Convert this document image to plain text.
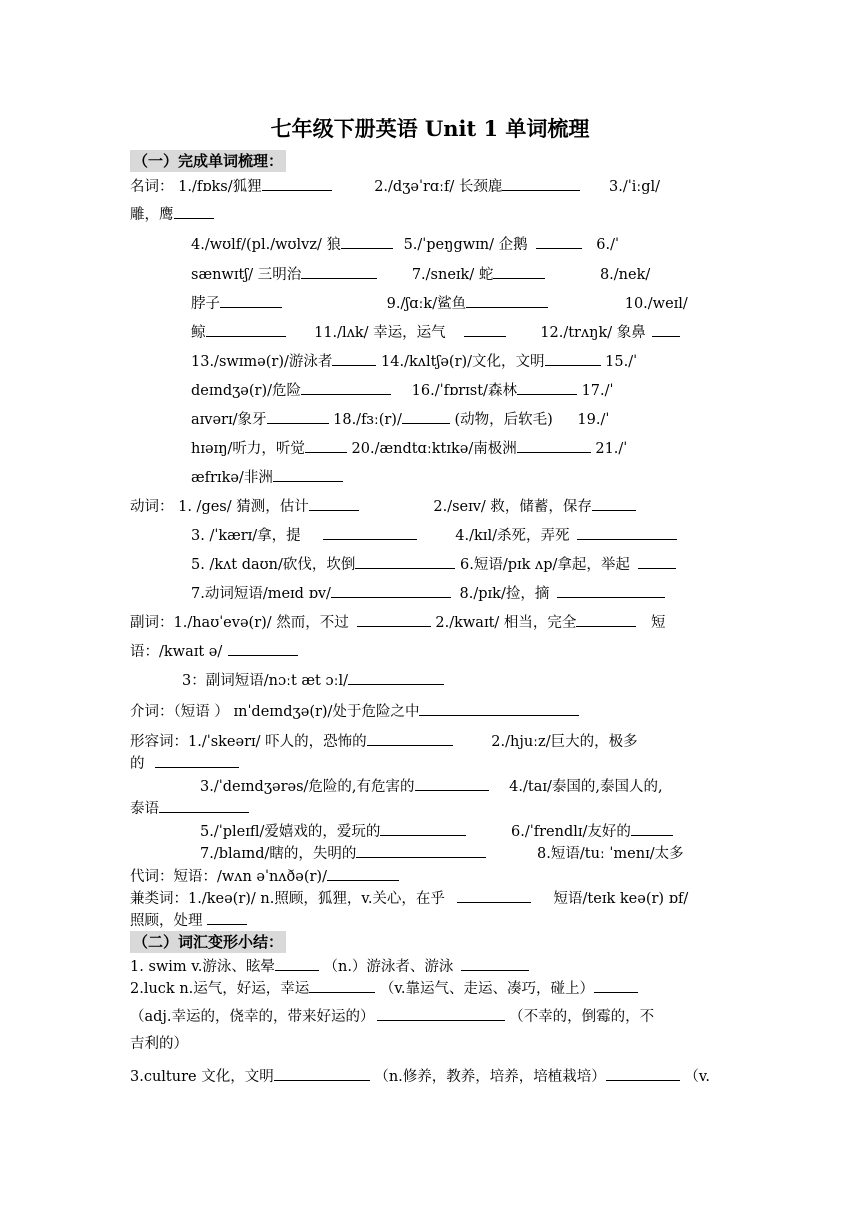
七年级下册英语 Unit 1 单词梳理
（一）完成单词梳理：
名词： 1./fɒks/狐狸	2./dʒəˈrɑːf/ 长颈鹿	3./ˈiːgl/
雕，鹰
4./wʊlf/(pl./wʊlvz/ 狼	5./ˈpeŋgwɪn/ 企鹅	6./ˈ
sænwɪtʃ/ 三明治	7./sneɪk/ 蛇	8./nek/
脖子	9./ʃɑːk/鲨鱼	10./weɪl/
鲸	11./lʌk/ 幸运，运气	12./trʌŋk/ 象鼻
13./swɪmə(r)/游泳者	14./kʌltʃə(r)/文化，文明	15./ˈ
deɪndʒə(r)/危险	16./ˈfɒrɪst/森林	17./ˈ
aɪvərɪ/象牙	18./fɜː(r)/	(动物，后软毛) 19./ˈ
hɪəɪŋ/听力，听觉	20./ændtɑːktɪkə/南极洲	21./ˈ
æfrɪkə/非洲
动词： 1. /ges/ 猜测，估计	2./seɪv/ 救，储蓄，保存
3. /ˈkærɪ/拿，提	4./kɪl/杀死，弄死
5. /kʌt daʊn/砍伐，坎倒	6.短语/pɪk ʌp/拿起，举起
7.动词短语/meɪd ɒv/	8./pɪk/捡，摘
副词：1./haʊˈevə(r)/ 然而，不过	2./kwaɪt/ 相当，完全	短
语：/kwaɪt ə/
3：副词短语/nɔːt æt ɔːl/
介词：（短语 ） ɪnˈdeɪndʒə(r)/处于危险之中
形容词：1./ˈskeərɪ/ 吓人的，恐怖的	2./hjuːz/巨大的，极多
的
3./ˈdeɪndʒərəs/危险的,有危害的	4./taɪ/泰国的,泰国人的,
泰语
5./ˈpleɪfl/爱嬉戏的，爱玩的	6./ˈfrendlɪ/友好的
7./blaɪnd/瞎的，失明的	8.短语/tuː ˈmenɪ/太多
代词：短语：/wʌn əˈnʌðə(r)/
兼类词：1./keə(r)/ n.照顾，狐狸，v.关心，在乎	短语/teɪk keə(r) ɒf/
照顾，处理
（二）词汇变形小结：
1. swim v.游泳、眩晕	（n.）游泳者、游泳
2.luck n.运气，好运，幸运	（v.靠运气、走运、凑巧，碰上）
（adj.幸运的，侥幸的，带来好运的）	（不幸的，倒霉的，不
吉利的）
3.culture 文化，文明	（n.修养，教养，培养，培植栽培）	（v.
